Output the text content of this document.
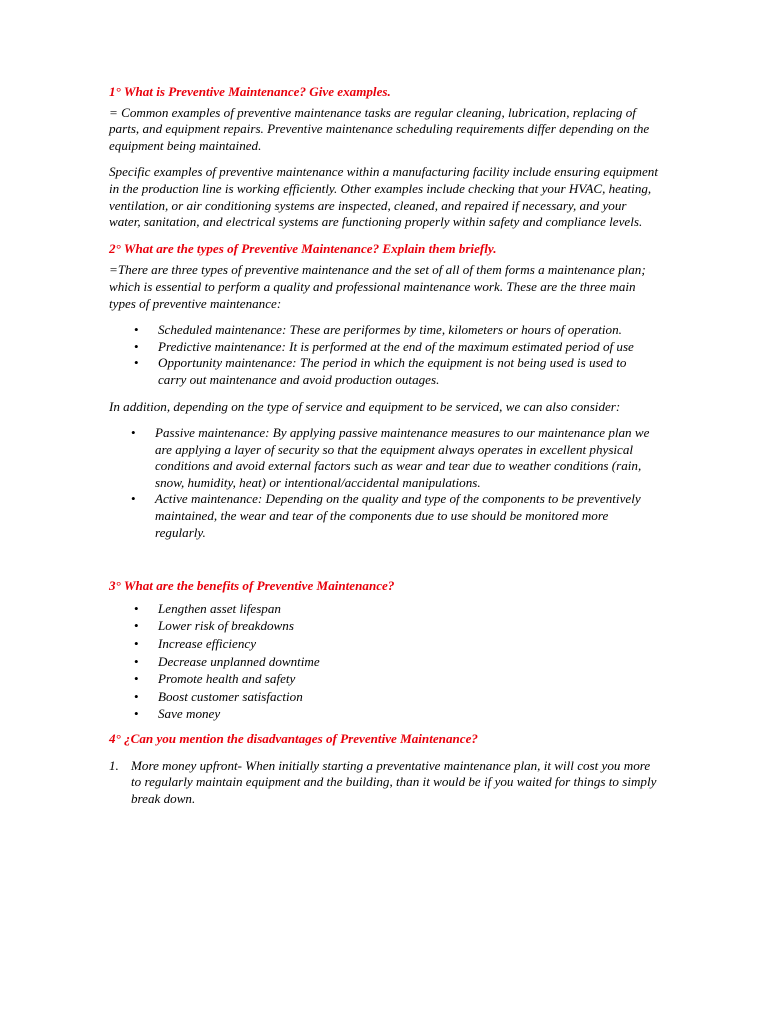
1° What is Preventive Maintenance? Give examples.

= Common examples of preventive maintenance tasks are regular cleaning, lubrication, replacing of parts, and equipment repairs. Preventive maintenance scheduling requirements differ depending on the equipment being maintained.

Specific examples of preventive maintenance within a manufacturing facility include ensuring equipment in the production line is working efficiently. Other examples include checking that your HVAC, heating, ventilation, or air conditioning systems are inspected, cleaned, and repaired if necessary, and your water, sanitation, and electrical systems are functioning properly within safety and compliance levels.

2° What are the types of Preventive Maintenance? Explain them briefly.

=There are three types of preventive maintenance and the set of all of them forms a maintenance plan; which is essential to perform a quality and professional maintenance work. These are the three main types of preventive maintenance:

• Scheduled maintenance: These are periformes by time, kilometers or hours of operation.
• Predictive maintenance: It is performed at the end of the maximum estimated period of use
• Opportunity maintenance: The period in which the equipment is not being used is used to carry out maintenance and avoid production outages.

In addition, depending on the type of service and equipment to be serviced, we can also consider:

• Passive maintenance: By applying passive maintenance measures to our maintenance plan we are applying a layer of security so that the equipment always operates in excellent physical conditions and avoid external factors such as wear and tear due to weather conditions (rain, snow, humidity, heat) or intentional/accidental manipulations.
• Active maintenance: Depending on the quality and type of the components to be preventively maintained, the wear and tear of the components due to use should be monitored more regularly.

3° What are the benefits of Preventive Maintenance?

• Lengthen asset lifespan
• Lower risk of breakdowns
• Increase efficiency
• Decrease unplanned downtime
• Promote health and safety
• Boost customer satisfaction
• Save money

4° ¿Can you mention the disadvantages of Preventive Maintenance?

1. More money upfront- When initially starting a preventative maintenance plan, it will cost you more to regularly maintain equipment and the building, than it would be if you waited for things to simply break down.
